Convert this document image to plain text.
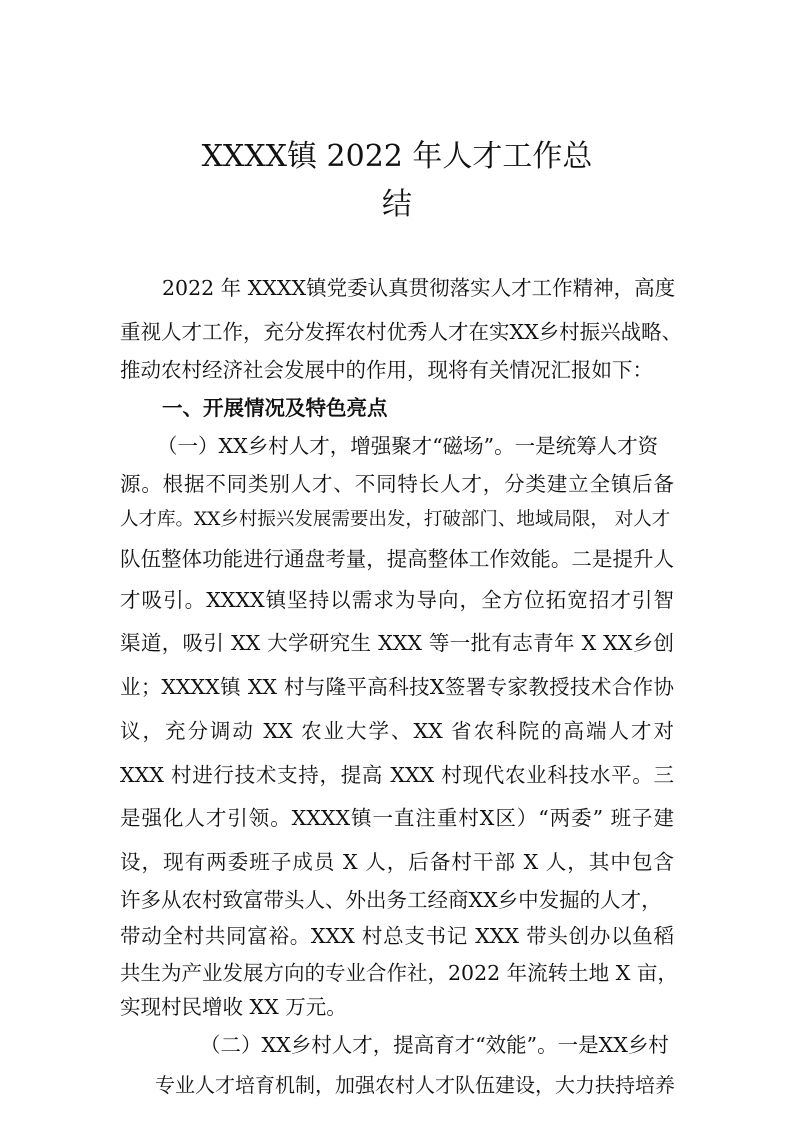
XXXX镇 2022 年人才工作总
结

2022 年 XXXX镇党委认真贯彻落实人才工作精神，高度

重视人才工作，充分发挥农村优秀人才在实XX乡村振兴战略、

推动农村经济社会发展中的作用，现将有关情况汇报如下：

一、开展情况及特色亮点

（一）XX乡村人才，增强聚才“磁场”。一是统筹人才资

源。根据不同类别人才、不同特长人才，分类建立全镇后备

人才库。XX乡村振兴发展需要出发，打破部门、地域局限， 对人才

队伍整体功能进行通盘考量，提高整体工作效能。二是提升人

才吸引。XXXX镇坚持以需求为导向，全方位拓宽招才引智

渠道，吸引 XX 大学研究生 XXX 等一批有志青年 X XX乡创

业；XXXX镇 XX 村与隆平高科技X签署专家教授技术合作协

议，充分调动 XX 农业大学、XX 省农科院的高端人才对

XXX 村进行技术支持，提高 XXX 村现代农业科技水平。三

是强化人才引领。XXXX镇一直注重村X区）“两委” 班子建

设，现有两委班子成员 X 人，后备村干部 X 人，其中包含

许多从农村致富带头人、外出务工经商XX乡中发掘的人才，

带动全村共同富裕。XXX 村总支书记 XXX 带头创办以鱼稻

共生为产业发展方向的专业合作社，2022 年流转土地 X 亩，

实现村民增收 XX 万元。

（二）XX乡村人才，提高育才“效能”。一是XX乡村

专业人才培育机制，加强农村人才队伍建设，大力扶持培养
